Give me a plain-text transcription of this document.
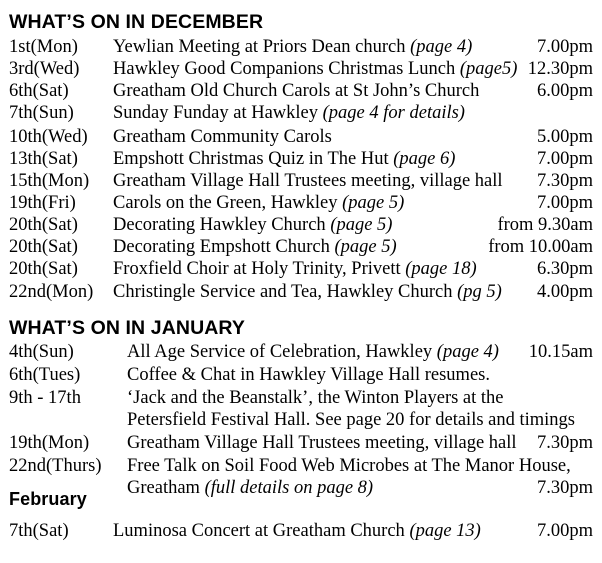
WHAT’S ON IN DECEMBER
1st(Mon) Yewlian Meeting at Priors Dean church (page 4)	7.00pm
3rd(Wed) Hawkley Good Companions Christmas Lunch (page5) 12.30pm
6th(Sat) Greatham Old Church Carols at St John’s Church	6.00pm
7th(Sun) Sunday Funday at Hawkley (page 4 for details)
10th(Wed) Greatham Community Carols	5.00pm
13th(Sat) Empshott Christmas Quiz in The Hut (page 6)	7.00pm
15th(Mon) Greatham Village Hall Trustees meeting, village hall 7.30pm
19th(Fri) Carols on the Green, Hawkley (page 5)	7.00pm
20th(Sat) Decorating Hawkley Church (page 5)	from 9.30am
20th(Sat) Decorating Empshott Church (page 5)	from 10.00am
20th(Sat) Froxfield Choir at Holy Trinity, Privett (page 18)	6.30pm
22nd(Mon) Christingle Service and Tea, Hawkley Church (pg 5) 4.00pm
WHAT’S ON IN JANUARY
4th(Sun)	All Age Service of Celebration, Hawkley (page 4) 10.15am
6th(Tues)	Coffee & Chat in Hawkley Village Hall resumes.
9th - 17th ‘Jack and the Beanstalk’, the Winton Players at the
Petersfield Festival Hall. See page 20 for details and timings
19th(Mon) Greatham Village Hall Trustees meeting, village hall 7.30pm
22nd(Thurs) Free Talk on Soil Food Web Microbes at The Manor House,
Greatham (full details on page 8)	7.30pm
February
7th(Sat) Luminosa Concert at Greatham Church (page 13)	7.00pm
